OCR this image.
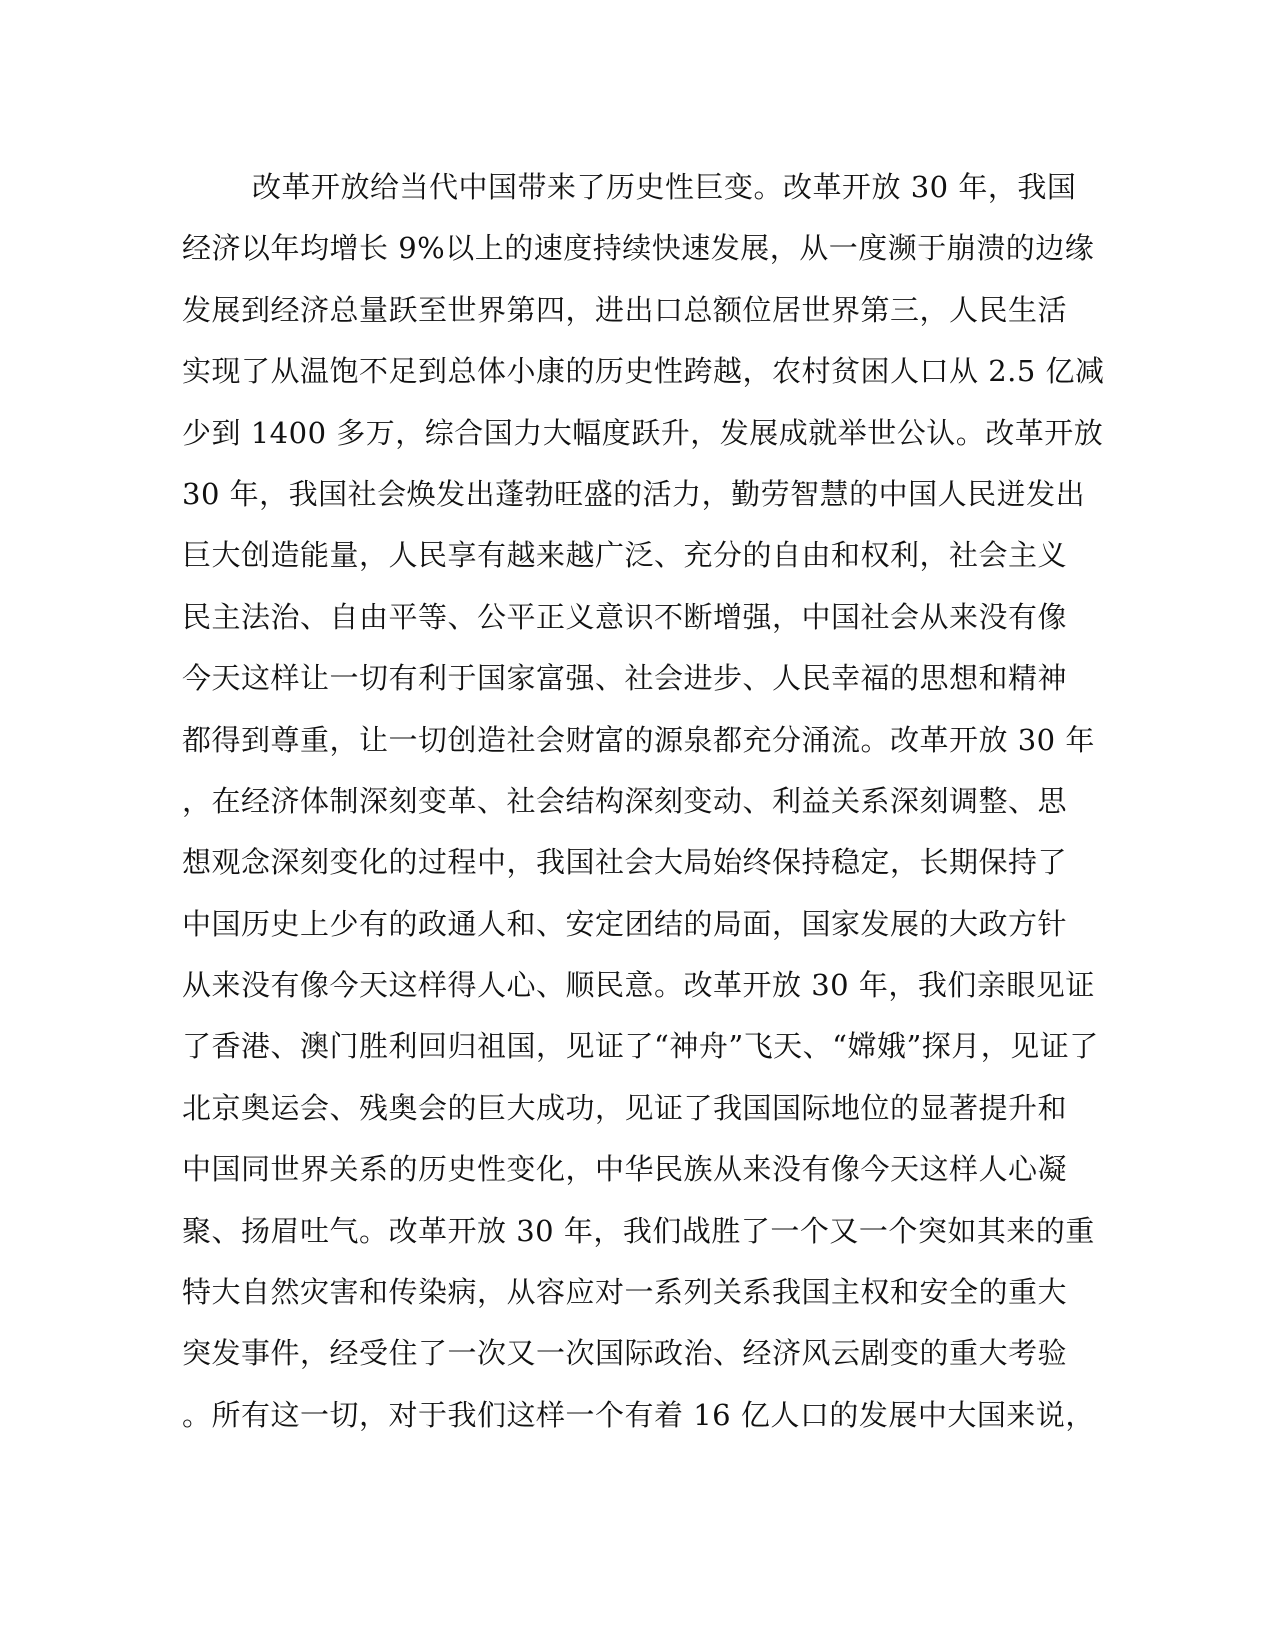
改革开放给当代中国带来了历史性巨变。改革开放 30 年，我国
经济以年均增长 9%以上的速度持续快速发展，从一度濒于崩溃的边缘
发展到经济总量跃至世界第四，进出口总额位居世界第三，人民生活
实现了从温饱不足到总体小康的历史性跨越，农村贫困人口从 2.5 亿减
少到 1400 多万，综合国力大幅度跃升，发展成就举世公认。改革开放
30 年，我国社会焕发出蓬勃旺盛的活力，勤劳智慧的中国人民迸发出
巨大创造能量，人民享有越来越广泛、充分的自由和权利，社会主义
民主法治、自由平等、公平正义意识不断增强，中国社会从来没有像
今天这样让一切有利于国家富强、社会进步、人民幸福的思想和精神
都得到尊重，让一切创造社会财富的源泉都充分涌流。改革开放 30 年
，在经济体制深刻变革、社会结构深刻变动、利益关系深刻调整、思
想观念深刻变化的过程中，我国社会大局始终保持稳定，长期保持了
中国历史上少有的政通人和、安定团结的局面，国家发展的大政方针
从来没有像今天这样得人心、顺民意。改革开放 30 年，我们亲眼见证
了香港、澳门胜利回归祖国，见证了“神舟”飞天、“嫦娥”探月，见证了
北京奥运会、残奥会的巨大成功，见证了我国国际地位的显著提升和
中国同世界关系的历史性变化，中华民族从来没有像今天这样人心凝
聚、扬眉吐气。改革开放 30 年，我们战胜了一个又一个突如其来的重
特大自然灾害和传染病，从容应对一系列关系我国主权和安全的重大
突发事件，经受住了一次又一次国际政治、经济风云剧变的重大考验
。所有这一切，对于我们这样一个有着 16 亿人口的发展中大国来说，
